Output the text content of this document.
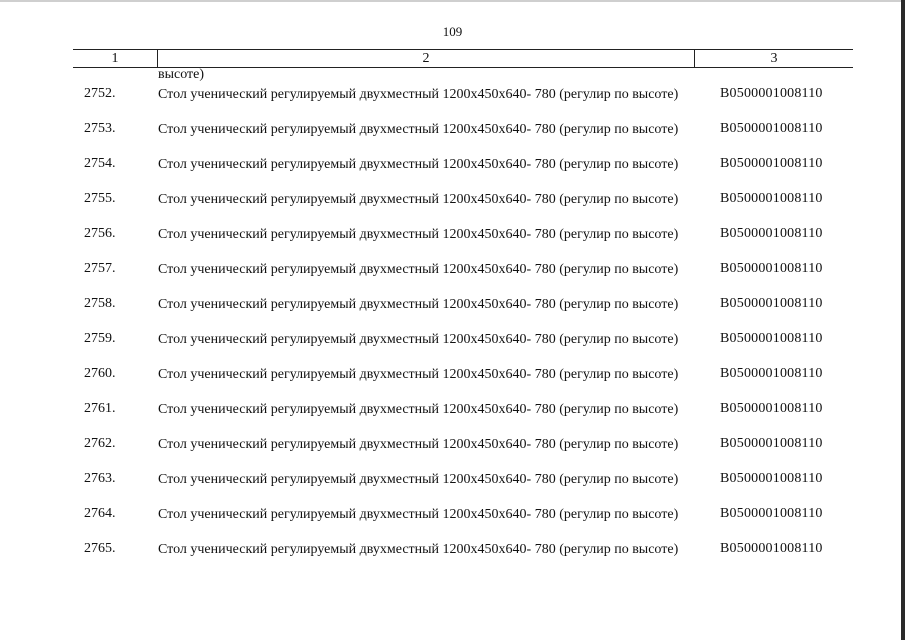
109
1	2	3
высоте)
2752.	Стол ученический регулируемый двухместный 1200x450x640- 780 (регулир по высоте)	B0500001008110
2753.	Стол ученический регулируемый двухместный 1200x450x640- 780 (регулир по высоте)	B0500001008110
2754.	Стол ученический регулируемый двухместный 1200x450x640- 780 (регулир по высоте)	B0500001008110
2755.	Стол ученический регулируемый двухместный 1200x450x640- 780 (регулир по высоте)	B0500001008110
2756.	Стол ученический регулируемый двухместный 1200x450x640- 780 (регулир по высоте)	B0500001008110
2757.	Стол ученический регулируемый двухместный 1200x450x640- 780 (регулир по высоте)	B0500001008110
2758.	Стол ученический регулируемый двухместный 1200x450x640- 780 (регулир по высоте)	B0500001008110
2759.	Стол ученический регулируемый двухместный 1200x450x640- 780 (регулир по высоте)	B0500001008110
2760.	Стол ученический регулируемый двухместный 1200x450x640- 780 (регулир по высоте)	B0500001008110
2761.	Стол ученический регулируемый двухместный 1200x450x640- 780 (регулир по высоте)	B0500001008110
2762.	Стол ученический регулируемый двухместный 1200x450x640- 780 (регулир по высоте)	B0500001008110
2763.	Стол ученический регулируемый двухместный 1200x450x640- 780 (регулир по высоте)	B0500001008110
2764.	Стол ученический регулируемый двухместный 1200x450x640- 780 (регулир по высоте)	B0500001008110
2765.	Стол ученический регулируемый двухместный 1200x450x640- 780 (регулир по высоте)	B0500001008110
